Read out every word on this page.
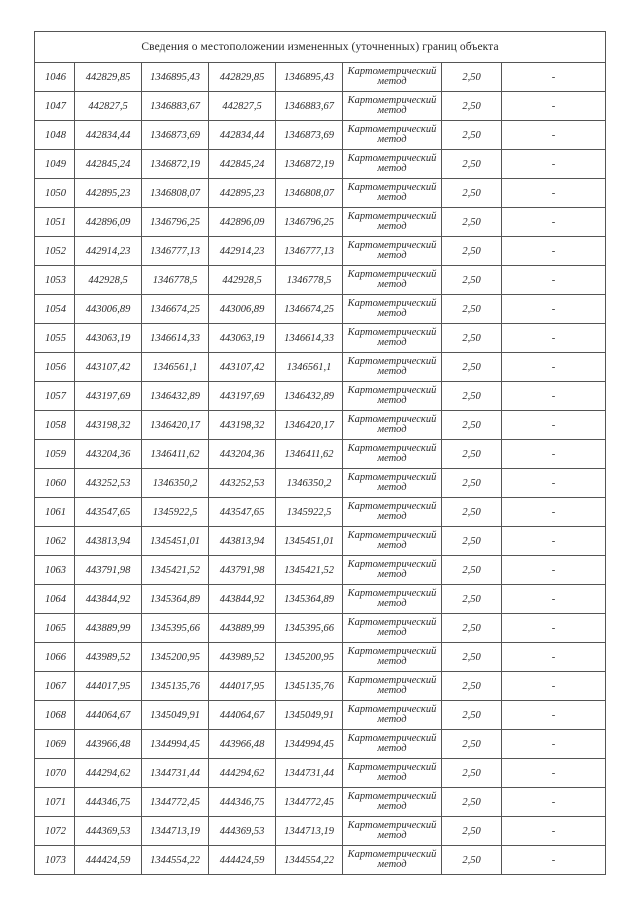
Сведения о местоположении измененных (уточненных) границ объекта							
1046	442829,85	1346895,43	442829,85	1346895,43	Картометрический метод	2,50	-
1047	442827,5	1346883,67	442827,5	1346883,67	Картометрический метод	2,50	-
1048	442834,44	1346873,69	442834,44	1346873,69	Картометрический метод	2,50	-
1049	442845,24	1346872,19	442845,24	1346872,19	Картометрический метод	2,50	-
1050	442895,23	1346808,07	442895,23	1346808,07	Картометрический метод	2,50	-
1051	442896,09	1346796,25	442896,09	1346796,25	Картометрический метод	2,50	-
1052	442914,23	1346777,13	442914,23	1346777,13	Картометрический метод	2,50	-
1053	442928,5	1346778,5	442928,5	1346778,5	Картометрический метод	2,50	-
1054	443006,89	1346674,25	443006,89	1346674,25	Картометрический метод	2,50	-
1055	443063,19	1346614,33	443063,19	1346614,33	Картометрический метод	2,50	-
1056	443107,42	1346561,1	443107,42	1346561,1	Картометрический метод	2,50	-
1057	443197,69	1346432,89	443197,69	1346432,89	Картометрический метод	2,50	-
1058	443198,32	1346420,17	443198,32	1346420,17	Картометрический метод	2,50	-
1059	443204,36	1346411,62	443204,36	1346411,62	Картометрический метод	2,50	-
1060	443252,53	1346350,2	443252,53	1346350,2	Картометрический метод	2,50	-
1061	443547,65	1345922,5	443547,65	1345922,5	Картометрический метод	2,50	-
1062	443813,94	1345451,01	443813,94	1345451,01	Картометрический метод	2,50	-
1063	443791,98	1345421,52	443791,98	1345421,52	Картометрический метод	2,50	-
1064	443844,92	1345364,89	443844,92	1345364,89	Картометрический метод	2,50	-
1065	443889,99	1345395,66	443889,99	1345395,66	Картометрический метод	2,50	-
1066	443989,52	1345200,95	443989,52	1345200,95	Картометрический метод	2,50	-
1067	444017,95	1345135,76	444017,95	1345135,76	Картометрический метод	2,50	-
1068	444064,67	1345049,91	444064,67	1345049,91	Картометрический метод	2,50	-
1069	443966,48	1344994,45	443966,48	1344994,45	Картометрический метод	2,50	-
1070	444294,62	1344731,44	444294,62	1344731,44	Картометрический метод	2,50	-
1071	444346,75	1344772,45	444346,75	1344772,45	Картометрический метод	2,50	-
1072	444369,53	1344713,19	444369,53	1344713,19	Картометрический метод	2,50	-
1073	444424,59	1344554,22	444424,59	1344554,22	Картометрический метод	2,50	-
